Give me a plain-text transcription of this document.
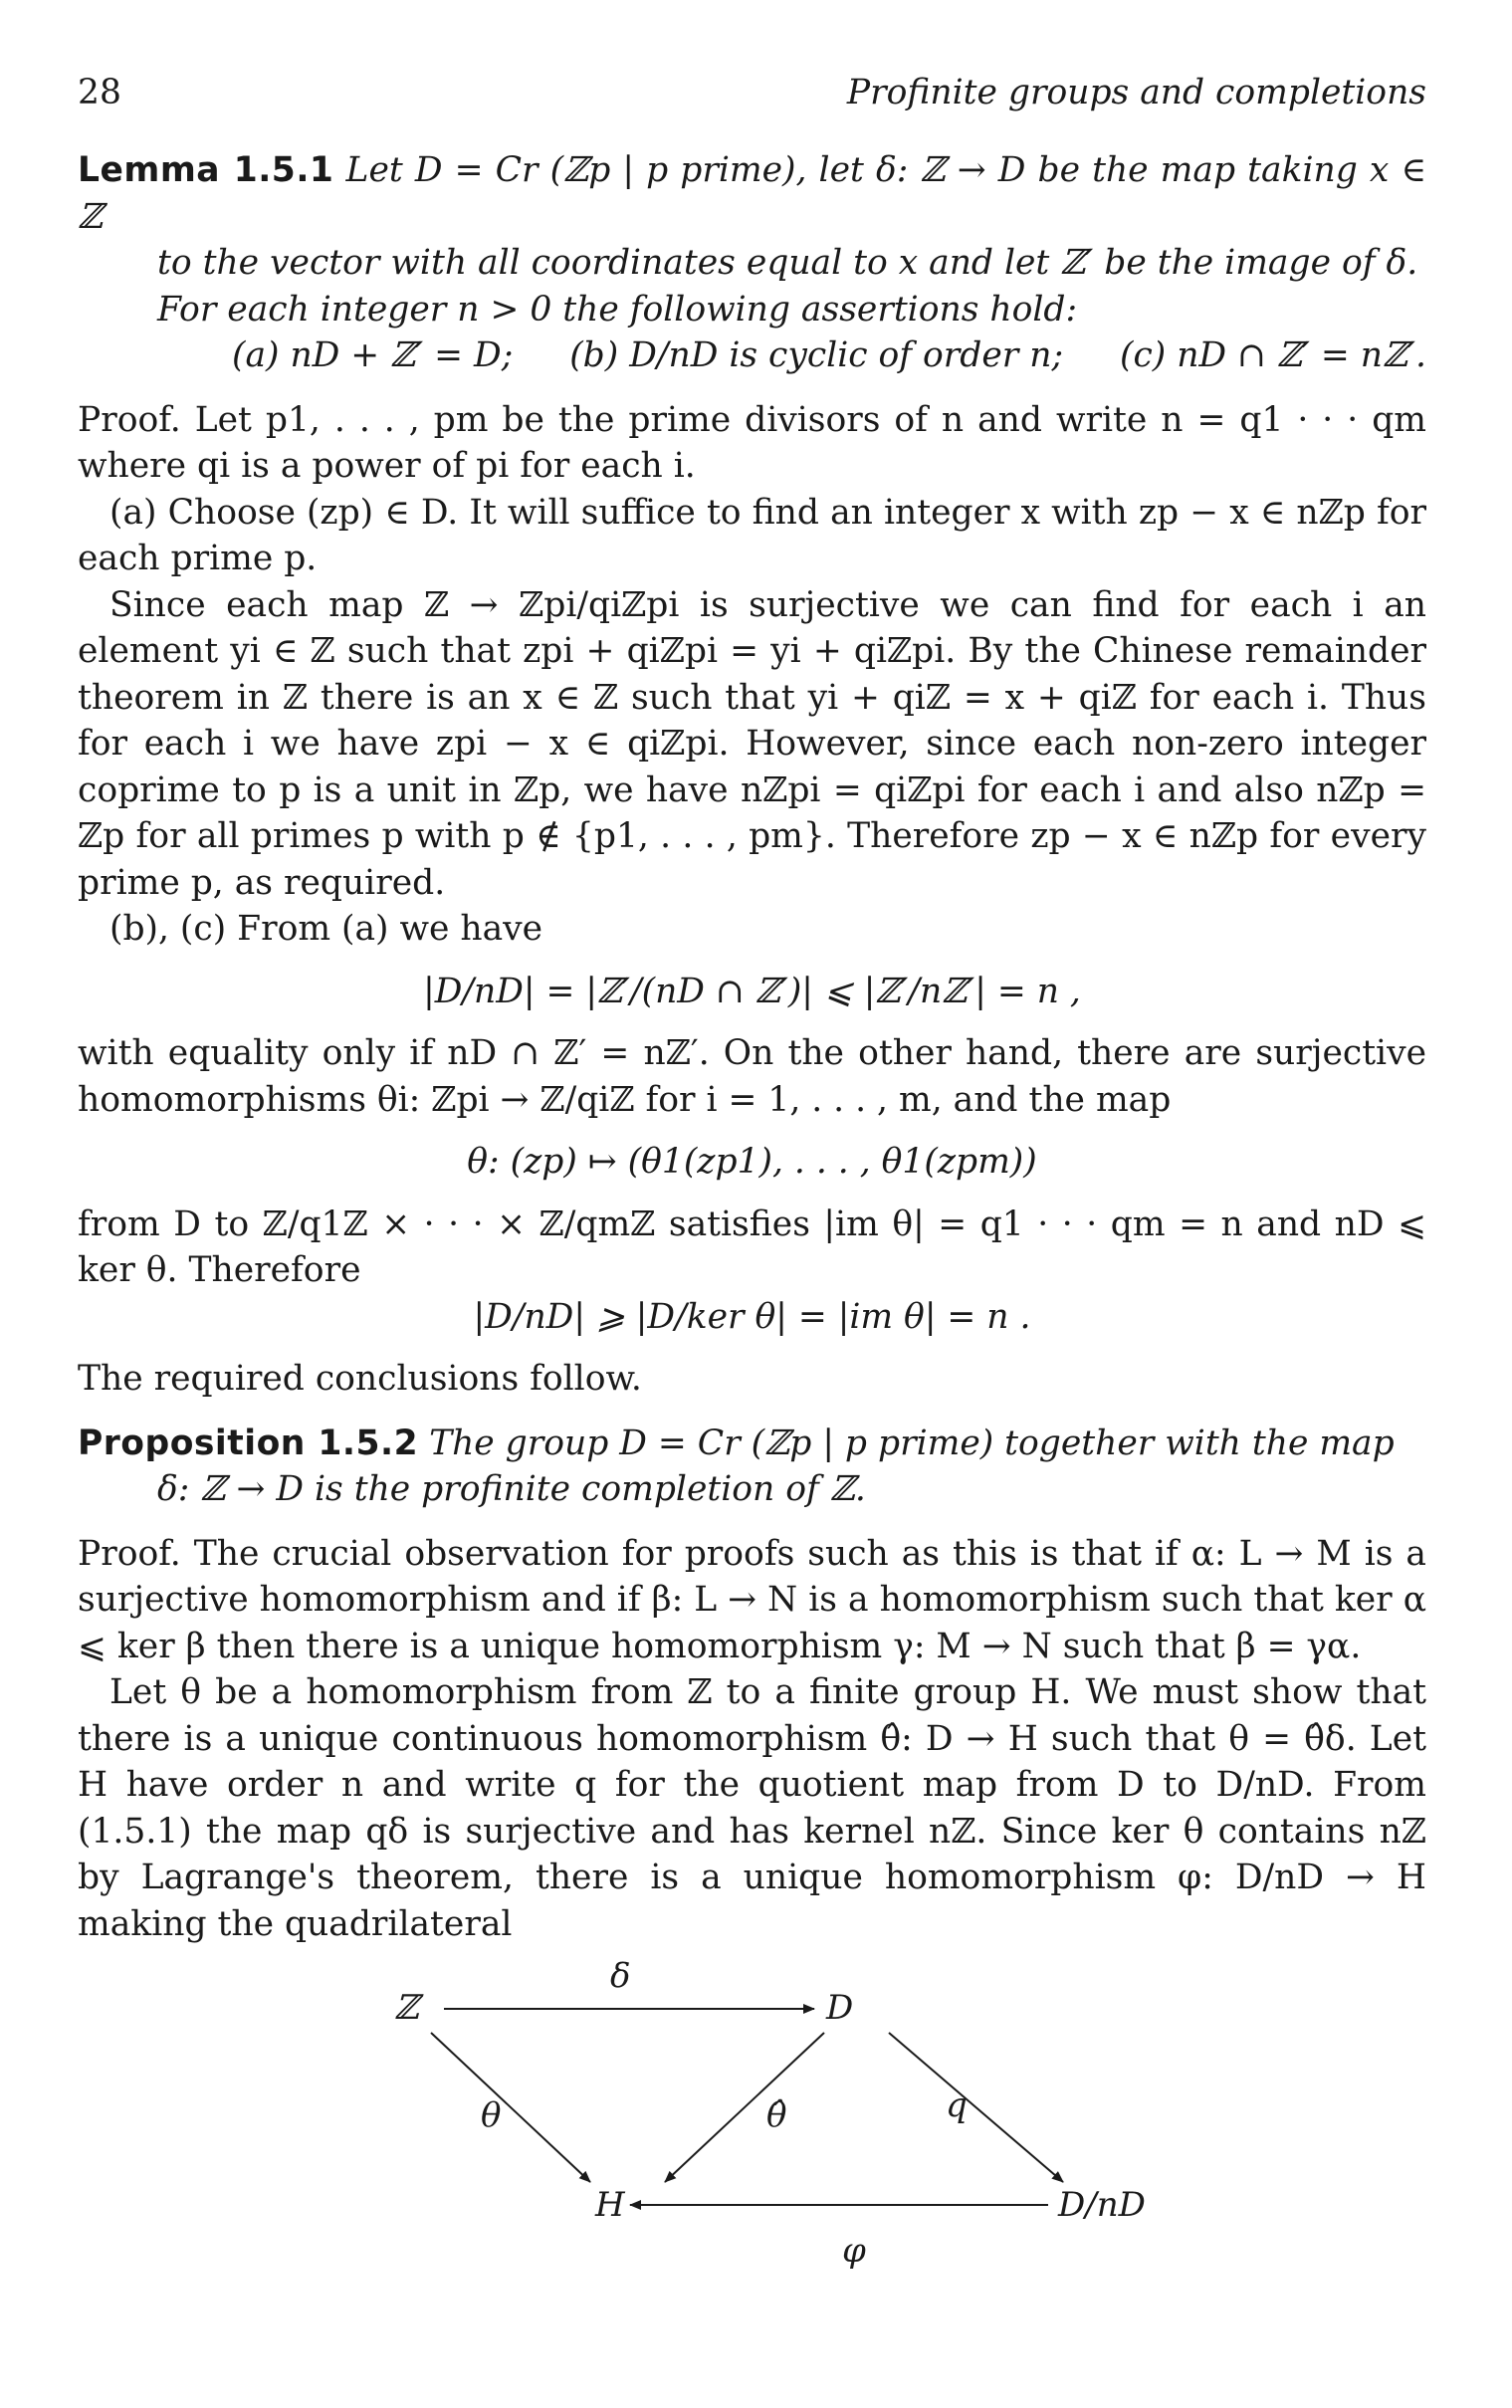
28	Profinite groups and completions

Lemma 1.5.1 Let D = Cr (ℤp | p prime), let δ: ℤ → D be the map taking x ∈ ℤ

to the vector with all coordinates equal to x and let ℤ′ be the image of δ.

For each integer n > 0 the following assertions hold:

(a) nD + ℤ′ = D; (b) D/nD is cyclic of order n; (c) nD ∩ ℤ′ = nℤ′.

Proof. Let p1, . . . , pm be the prime divisors of n and write n = q1 · · · qm where qi is a power of pi for each i.

(a) Choose (zp) ∈ D. It will suffice to find an integer x with zp − x ∈ nℤp for each prime p.

Since each map ℤ → ℤpi/qiℤpi is surjective we can find for each i an element yi ∈ ℤ such that zpi + qiℤpi = yi + qiℤpi. By the Chinese remainder theorem in ℤ there is an x ∈ ℤ such that yi + qiℤ = x + qiℤ for each i. Thus for each i we have zpi − x ∈ qiℤpi. However, since each non-zero integer coprime to p is a unit in ℤp, we have nℤpi = qiℤpi for each i and also nℤp = ℤp for all primes p with p ∉ {p1, . . . , pm}. Therefore zp − x ∈ nℤp for every prime p, as required.

(b), (c) From (a) we have

|D/nD| = |ℤ′/(nD ∩ ℤ′)| ⩽ |ℤ′/nℤ′| = n ,

with equality only if nD ∩ ℤ′ = nℤ′. On the other hand, there are surjective homomorphisms θi: ℤpi → ℤ/qiℤ for i = 1, . . . , m, and the map

θ: (zp) ↦ (θ1(zp1), . . . , θ1(zpm))

from D to ℤ/q1ℤ × · · · × ℤ/qmℤ satisfies |im θ| = q1 · · · qm = n and nD ⩽ ker θ. Therefore

|D/nD| ⩾ |D/ker θ| = |im θ| = n .

The required conclusions follow.

Proposition 1.5.2 The group D = Cr (ℤp | p prime) together with the map

δ: ℤ → D is the profinite completion of ℤ.

Proof. The crucial observation for proofs such as this is that if α: L → M is a surjective homomorphism and if β: L → N is a homomorphism such that ker α ⩽ ker β then there is a unique homomorphism γ: M → N such that β = γα.

Let θ be a homomorphism from ℤ to a finite group H. We must show that there is a unique continuous homomorphism θ̂: D → H such that θ = θ̂δ. Let H have order n and write q for the quotient map from D to D/nD. From (1.5.1) the map qδ is surjective and has kernel nℤ. Since ker θ contains nℤ by Lagrange's theorem, there is a unique homomorphism φ: D/nD → H making the quadrilateral

ℤ	D
H	D/nD
δ
θ	θ̂	q
φ
